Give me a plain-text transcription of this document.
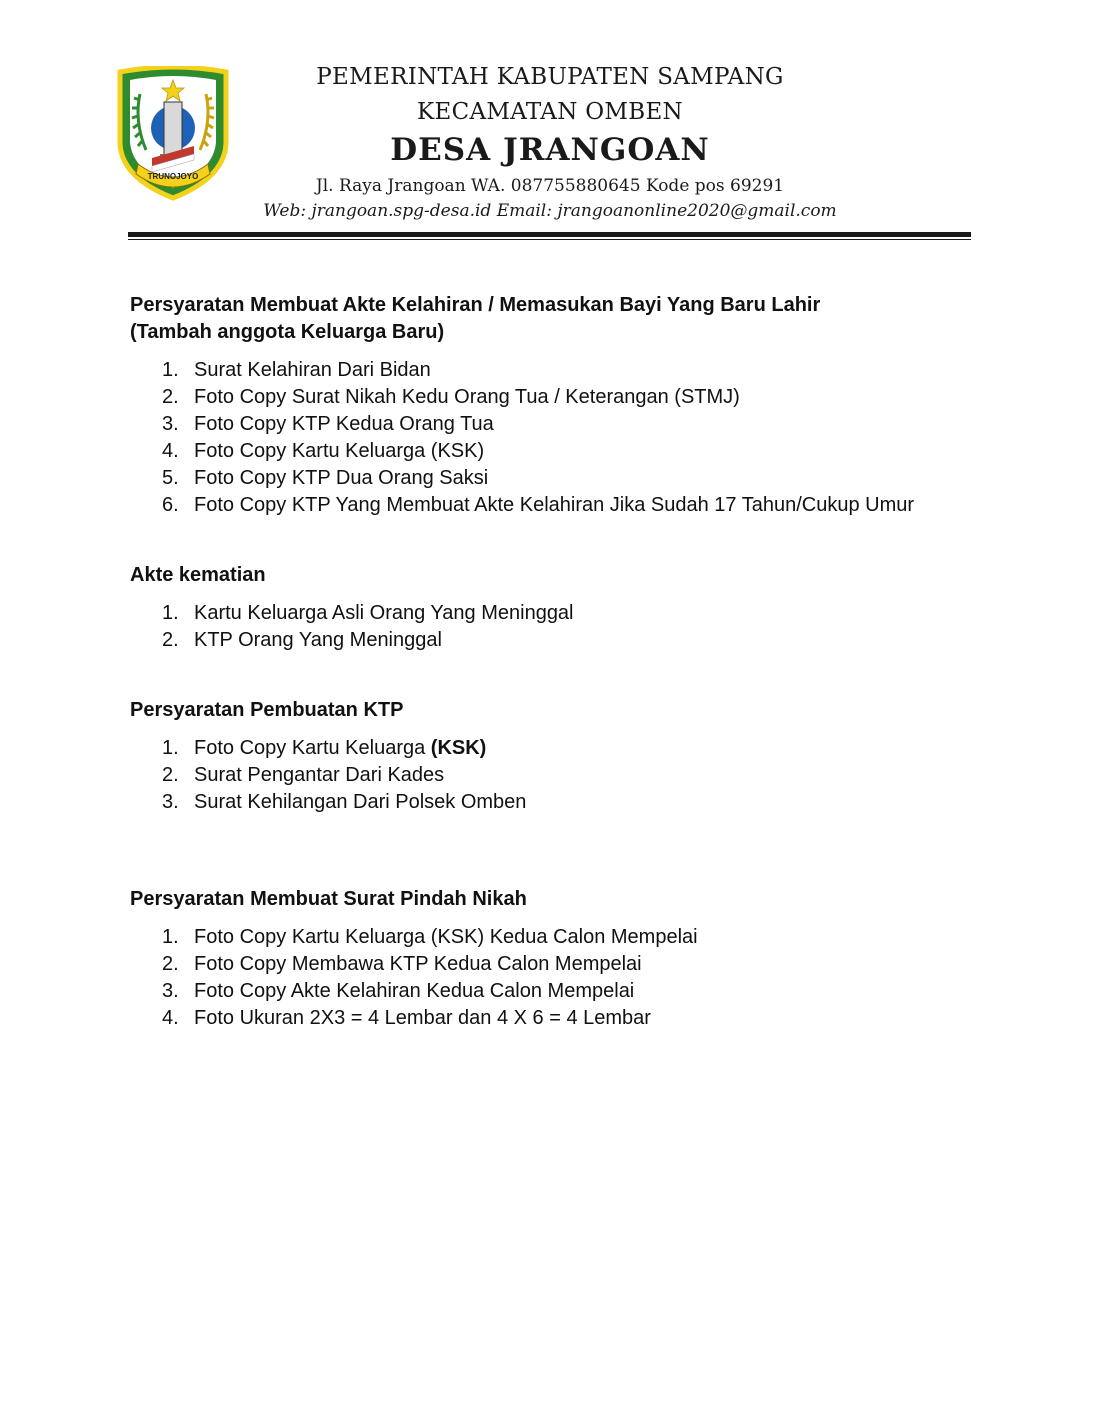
TRUNOJOYO
PEMERINTAH KABUPATEN SAMPANG
KECAMATAN OMBEN
DESA JRANGOAN
Jl. Raya Jrangoan WA. 087755880645 Kode pos 69291
Web: jrangoan.spg-desa.id Email: jrangoanonline2020@gmail.com

Persyaratan Membuat Akte Kelahiran / Memasukan Bayi Yang Baru Lahir
(Tambah anggota Keluarga Baru)

1. Surat Kelahiran Dari Bidan
2. Foto Copy Surat Nikah Kedu Orang Tua / Keterangan (STMJ)
3. Foto Copy KTP Kedua Orang Tua
4. Foto Copy Kartu Keluarga (KSK)
5. Foto Copy KTP Dua Orang Saksi
6. Foto Copy KTP Yang Membuat Akte Kelahiran Jika Sudah 17 Tahun/Cukup Umur

Akte kematian

1. Kartu Keluarga Asli Orang Yang Meninggal
2. KTP Orang Yang Meninggal

Persyaratan Pembuatan KTP

1. Foto Copy Kartu Keluarga (KSK)
2. Surat Pengantar Dari Kades
3. Surat Kehilangan Dari Polsek Omben

Persyaratan Membuat Surat Pindah Nikah

1. Foto Copy Kartu Keluarga (KSK) Kedua Calon Mempelai
2. Foto Copy Membawa KTP Kedua Calon Mempelai
3. Foto Copy Akte Kelahiran Kedua Calon Mempelai
4. Foto Ukuran 2X3 = 4 Lembar dan 4 X 6 = 4 Lembar
